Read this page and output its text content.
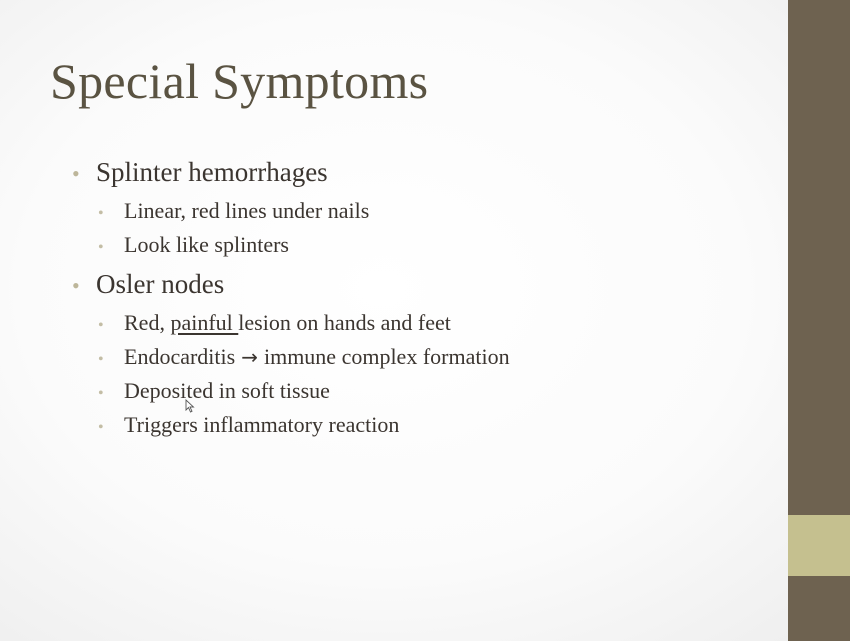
Special Symptoms
• Splinter hemorrhages
• Linear, red lines under nails
• Look like splinters
• Osler nodes
• Red, painful lesion on hands and feet
• Endocarditis → immune complex formation
• Deposited in soft tissue
• Triggers inflammatory reaction
